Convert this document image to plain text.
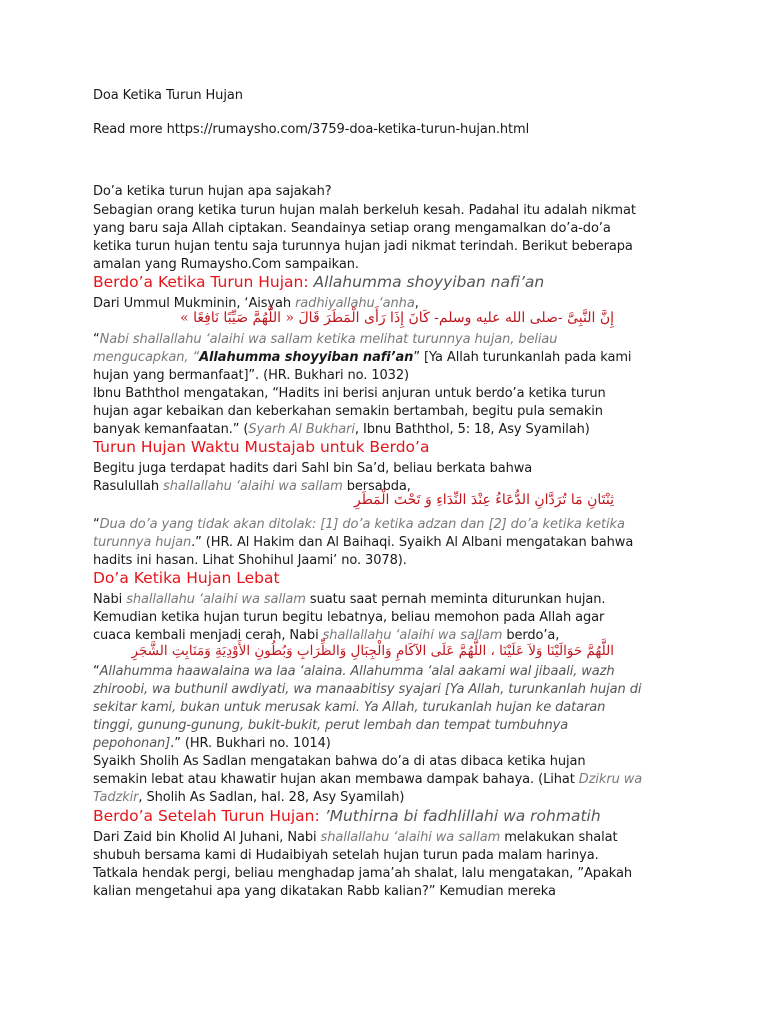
Doa Ketika Turun Hujan

Read more https://rumaysho.com/3759-doa-ketika-turun-hujan.html

Do’a ketika turun hujan apa sajakah?

Sebagian orang ketika turun hujan malah berkeluh kesah. Padahal itu adalah nikmat

yang baru saja Allah ciptakan. Seandainya setiap orang mengamalkan do’a-do’a

ketika turun hujan tentu saja turunnya hujan jadi nikmat terindah. Berikut beberapa

amalan yang Rumaysho.Com sampaikan.

Berdo’a Ketika Turun Hujan: Allahumma shoyyiban nafi’an

Dari Ummul Mukminin, ‘Aisyah radhiyallahu ‘anha,

إِنَّ النَّبِىَّ -صلى الله عليه وسلم- كَانَ إِذَا رَأَى الْمَطَرَ قَالَ « اللَّهُمَّ صَيِّبًا نَافِعًا »

“Nabi shallallahu ‘alaihi wa sallam ketika melihat turunnya hujan, beliau

mengucapkan, “Allahumma shoyyiban nafi’an” [Ya Allah turunkanlah pada kami

hujan yang bermanfaat]”. (HR. Bukhari no. 1032)

Ibnu Baththol mengatakan, “Hadits ini berisi anjuran untuk berdo’a ketika turun

hujan agar kebaikan dan keberkahan semakin bertambah, begitu pula semakin

banyak kemanfaatan.” (Syarh Al Bukhari, Ibnu Baththol, 5: 18, Asy Syamilah)

Turun Hujan Waktu Mustajab untuk Berdo’a

Begitu juga terdapat hadits dari Sahl bin Sa’d, beliau berkata bahwa

Rasulullah shallallahu ‘alaihi wa sallam bersabda,

ثِنْتَانِ مَا تُرَدَّانِ الدُّعَاءُ عِنْدَ النِّدَاءِ وَ تَحْتَ الْمَطَرِ

“Dua do’a yang tidak akan ditolak: [1] do’a ketika adzan dan [2] do’a ketika ketika

turunnya hujan.” (HR. Al Hakim dan Al Baihaqi. Syaikh Al Albani mengatakan bahwa

hadits ini hasan. Lihat Shohihul Jaami’ no. 3078).

Do’a Ketika Hujan Lebat

Nabi shallallahu ‘alaihi wa sallam suatu saat pernah meminta diturunkan hujan.

Kemudian ketika hujan turun begitu lebatnya, beliau memohon pada Allah agar

cuaca kembali menjadi cerah, Nabi shallallahu ‘alaihi wa sallam berdo’a,

اللَّهُمَّ حَوَالَيْنَا وَلاَ عَلَيْنَا ، اللَّهُمَّ عَلَى الآكَامِ وَالْجِبَالِ وَالظِّرَابِ وَبُطُونِ الأَوْدِيَةِ وَمَنَابِتِ الشَّجَرِ

“Allahumma haawalaina wa laa ‘alaina. Allahumma ‘alal aakami wal jibaali, wazh

zhiroobi, wa buthunil awdiyati, wa manaabitisy syajari [Ya Allah, turunkanlah hujan di

sekitar kami, bukan untuk merusak kami. Ya Allah, turukanlah hujan ke dataran

tinggi, gunung-gunung, bukit-bukit, perut lembah dan tempat tumbuhnya

pepohonan].” (HR. Bukhari no. 1014)

Syaikh Sholih As Sadlan mengatakan bahwa do’a di atas dibaca ketika hujan

semakin lebat atau khawatir hujan akan membawa dampak bahaya. (Lihat Dzikru wa

Tadzkir, Sholih As Sadlan, hal. 28, Asy Syamilah)

Berdo’a Setelah Turun Hujan: ’Muthirna bi fadhlillahi wa rohmatih

Dari Zaid bin Kholid Al Juhani, Nabi shallallahu ‘alaihi wa sallam melakukan shalat

shubuh bersama kami di Hudaibiyah setelah hujan turun pada malam harinya.

Tatkala hendak pergi, beliau menghadap jama’ah shalat, lalu mengatakan, ”Apakah

kalian mengetahui apa yang dikatakan Rabb kalian?” Kemudian mereka
